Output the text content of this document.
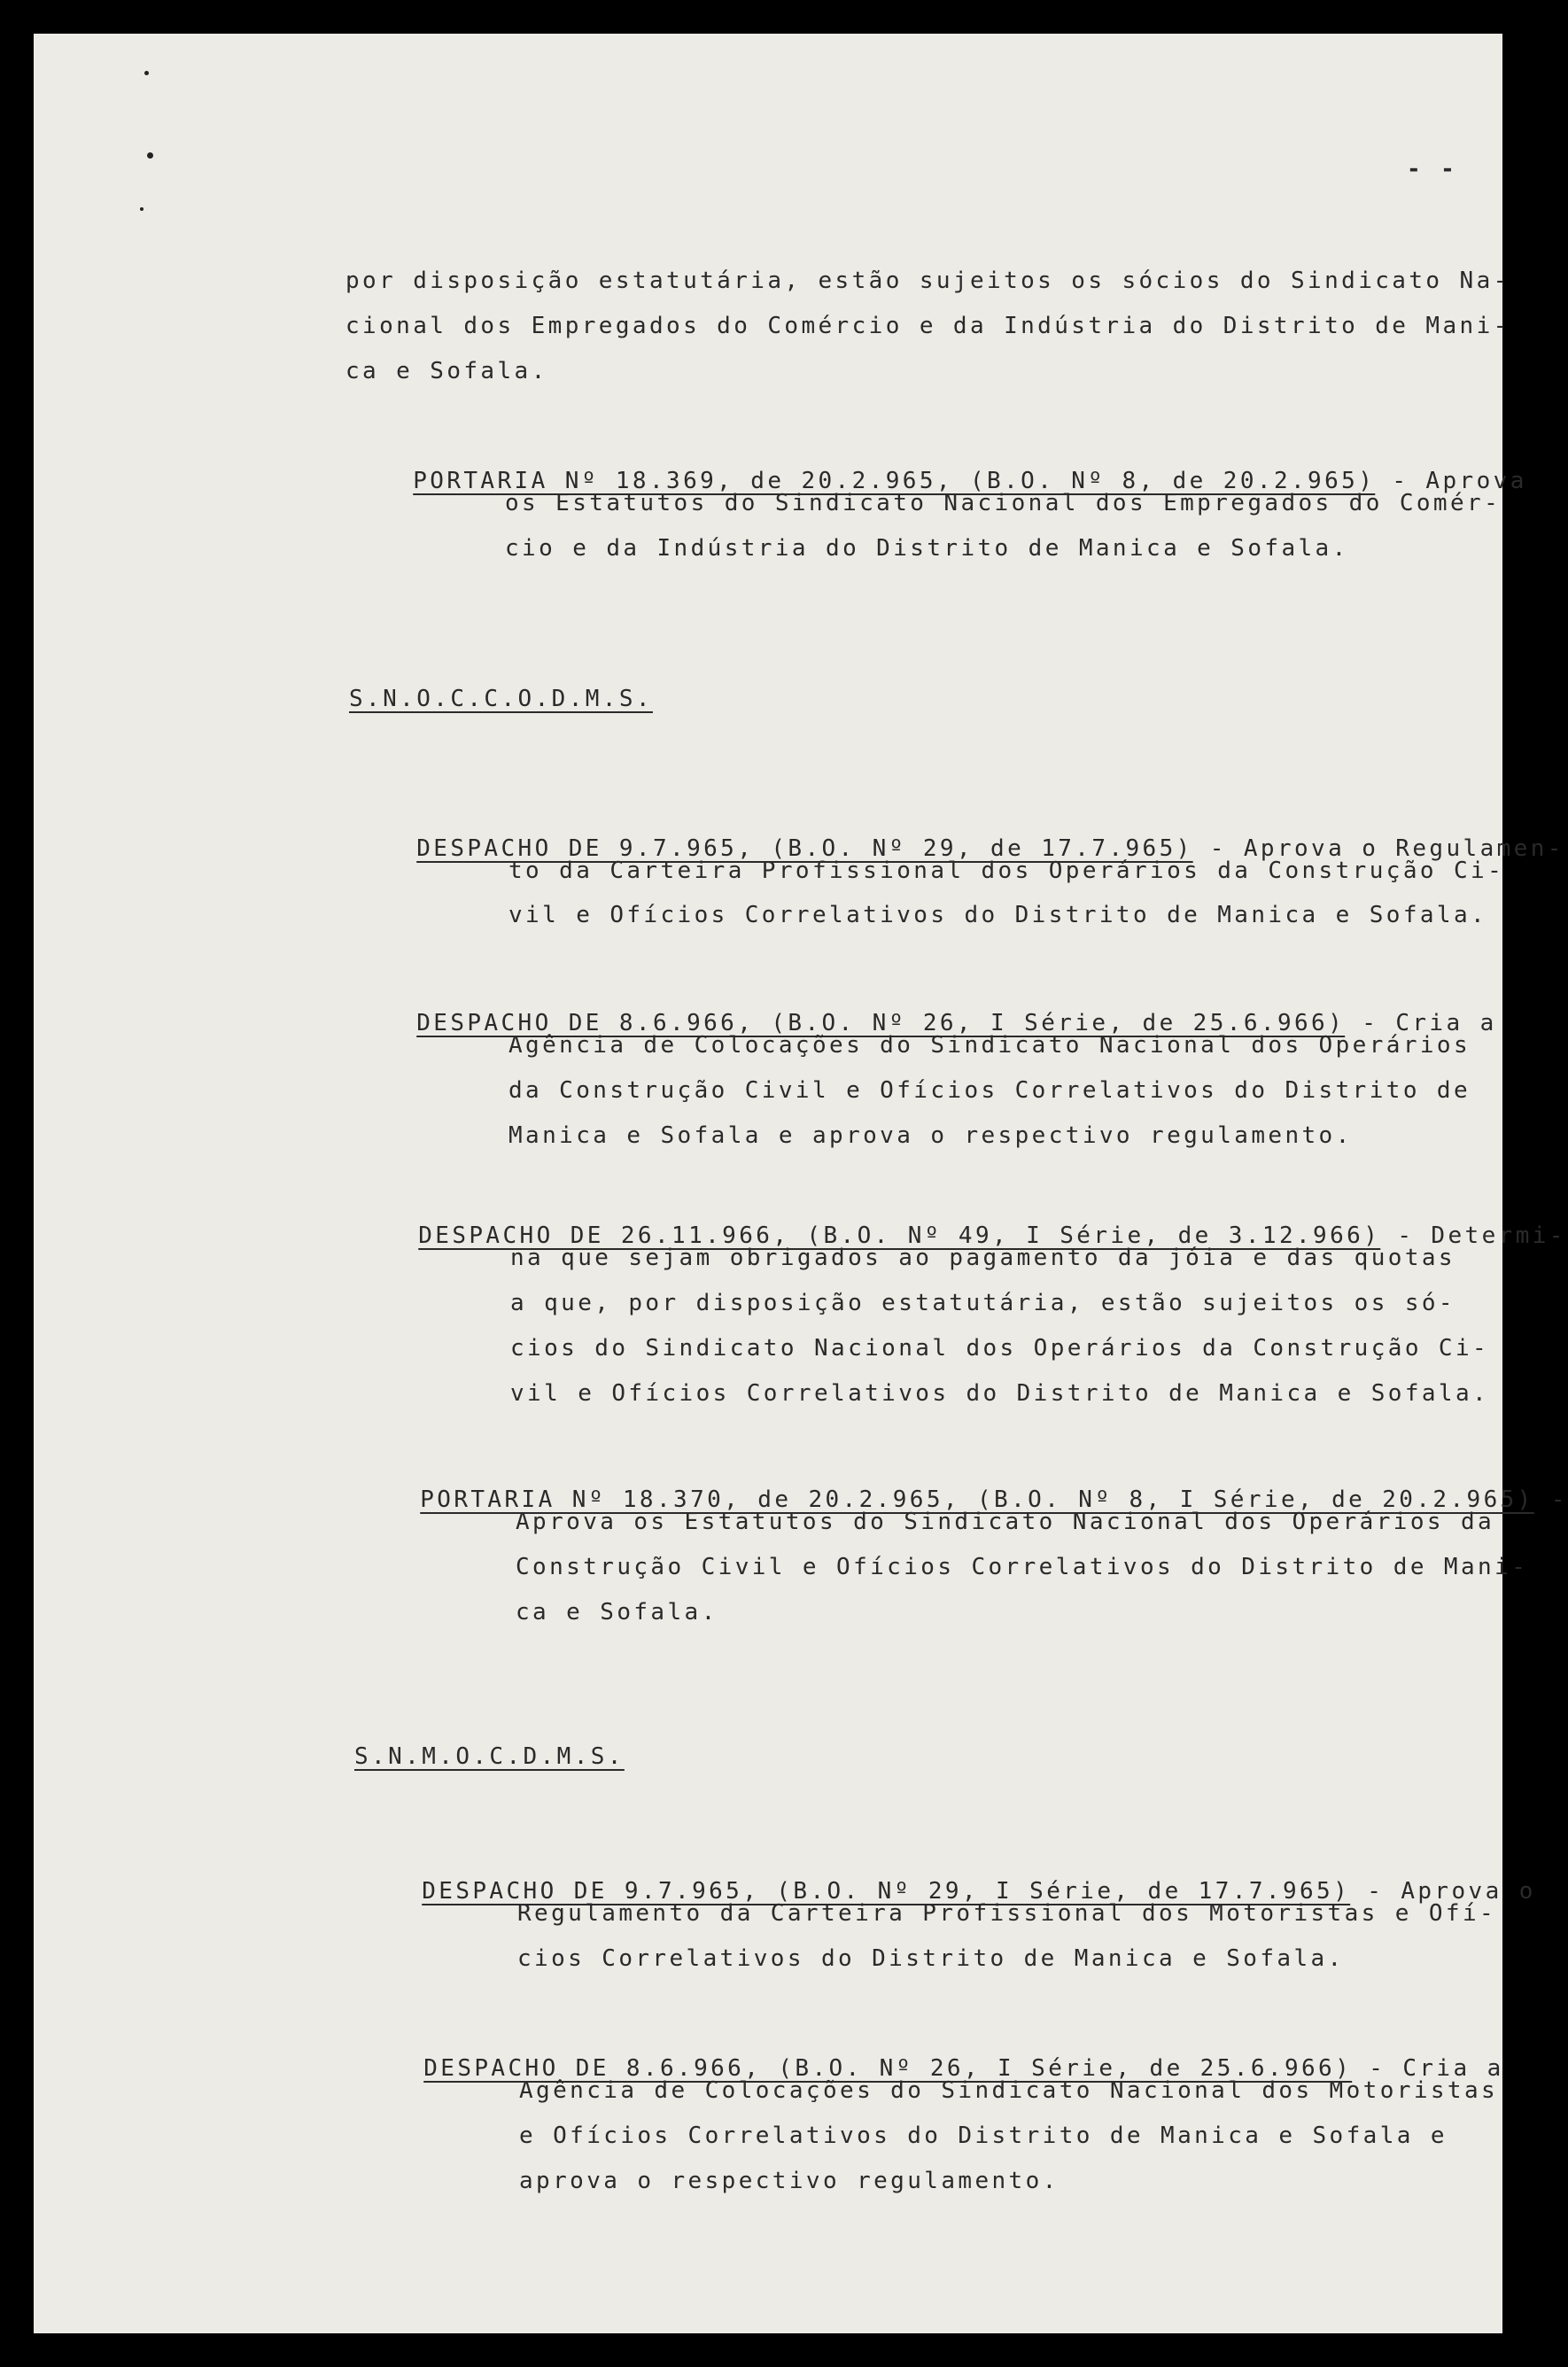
- -
por disposição estatutária, estão sujeitos os sócios do Sindicato Na-
cional dos Empregados do Comércio e da Indústria do Distrito de Mani-
ca e Sofala.

PORTARIA Nº 18.369, de 20.2.965, (B.O. Nº 8, de 20.2.965) - Aprova

os Estatutos do Sindicato Nacional dos Empregados do Comér-
cio e da Indústria do Distrito de Manica e Sofala.
S.N.O.C.C.O.D.M.S.

DESPACHO DE 9.7.965, (B.O. Nº 29, de 17.7.965) - Aprova o Regulamen-

to da Carteira Profissional dos Operários da Construção Ci-
vil e Ofícios Correlativos do Distrito de Manica e Sofala.

DESPACHO DE 8.6.966, (B.O. Nº 26, I Série, de 25.6.966) - Cria a

Agência de Colocações do Sindicato Nacional dos Operários
da Construção Civil e Ofícios Correlativos do Distrito de
Manica e Sofala e aprova o respectivo regulamento.

DESPACHO DE 26.11.966, (B.O. Nº 49, I Série, de 3.12.966) - Determi-

na que sejam obrigados ao pagamento da jóia e das quotas
a que, por disposição estatutária, estão sujeitos os só-
cios do Sindicato Nacional dos Operários da Construção Ci-
vil e Ofícios Correlativos do Distrito de Manica e Sofala.

PORTARIA Nº 18.370, de 20.2.965, (B.O. Nº 8, I Série, de 20.2.965) -

Aprova os Estatutos do Sindicato Nacional dos Operários da
Construção Civil e Ofícios Correlativos do Distrito de Mani-
ca e Sofala.
S.N.M.O.C.D.M.S.

DESPACHO DE 9.7.965, (B.O. Nº 29, I Série, de 17.7.965) - Aprova o

Regulamento da Carteira Profissional dos Motoristas e Ofí-
cios Correlativos do Distrito de Manica e Sofala.

DESPACHO DE 8.6.966, (B.O. Nº 26, I Série, de 25.6.966) - Cria a

Agência de Colocações do Sindicato Nacional dos Motoristas
e Ofícios Correlativos do Distrito de Manica e Sofala e
aprova o respectivo regulamento.
